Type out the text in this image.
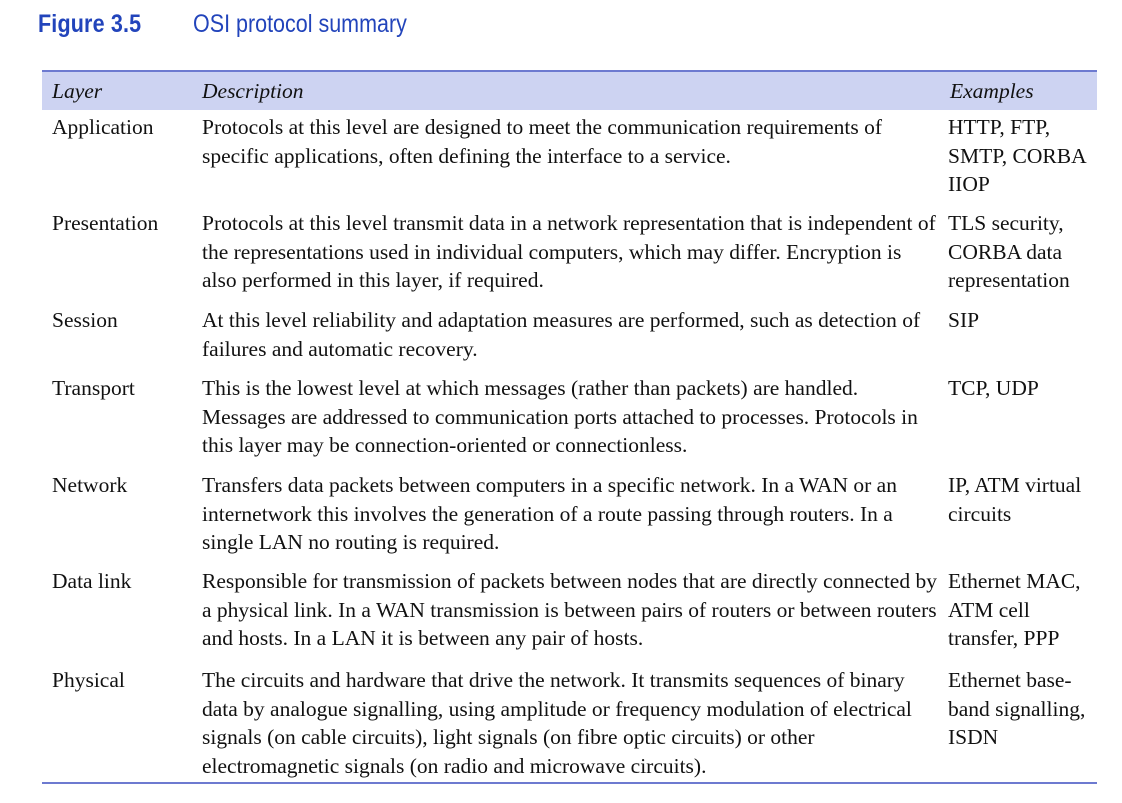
Figure 3.5	OSI protocol summary
Layer	Description	Examples
Application	Protocols at this level are designed to meet the communication requirements of specific applications, often defining the interface to a service.	HTTP, FTP, SMTP, CORBA IIOP
Presentation	Protocols at this level transmit data in a network representation that is independent of the representations used in individual computers, which may differ. Encryption is also performed in this layer, if required.	TLS security, CORBA data representation
Session	At this level reliability and adaptation measures are performed, such as detection of failures and automatic recovery.	SIP
Transport	This is the lowest level at which messages (rather than packets) are handled. Messages are addressed to communication ports attached to processes. Protocols in this layer may be connection-oriented or connectionless.	TCP, UDP
Network	Transfers data packets between computers in a specific network. In a WAN or an internetwork this involves the generation of a route passing through routers. In a single LAN no routing is required.	IP, ATM virtual circuits
Data link	Responsible for transmission of packets between nodes that are directly connected by a physical link. In a WAN transmission is between pairs of routers or between routers and hosts. In a LAN it is between any pair of hosts.	Ethernet MAC, ATM cell transfer, PPP
Physical	The circuits and hardware that drive the network. It transmits sequences of binary data by analogue signalling, using amplitude or frequency modulation of electrical signals (on cable circuits), light signals (on fibre optic circuits) or other electromagnetic signals (on radio and microwave circuits).	Ethernet base-band signalling, ISDN
